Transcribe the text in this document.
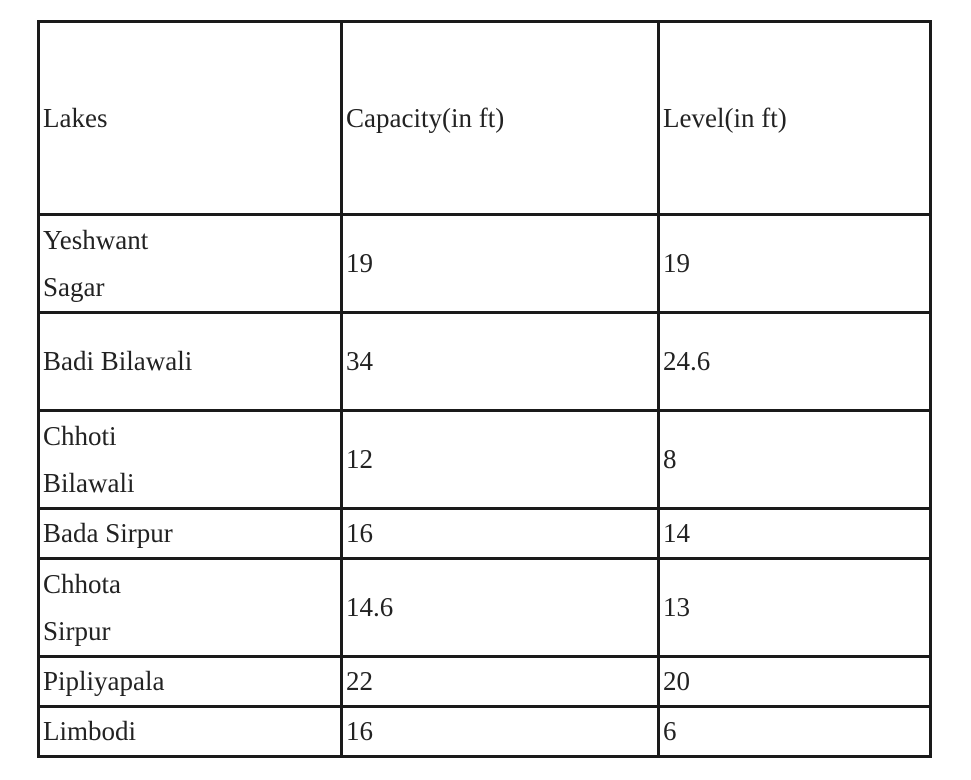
Lakes	Capacity(in ft)	Level(in ft)

Yeshwant Sagar	19	19

Badi Bilawali	34	24.6

Chhoti Bilawali	12	8
Bada Sirpur	16	14

Chhota Sirpur	14.6	13
Pipliyapala	22	20
Limbodi	16	6
